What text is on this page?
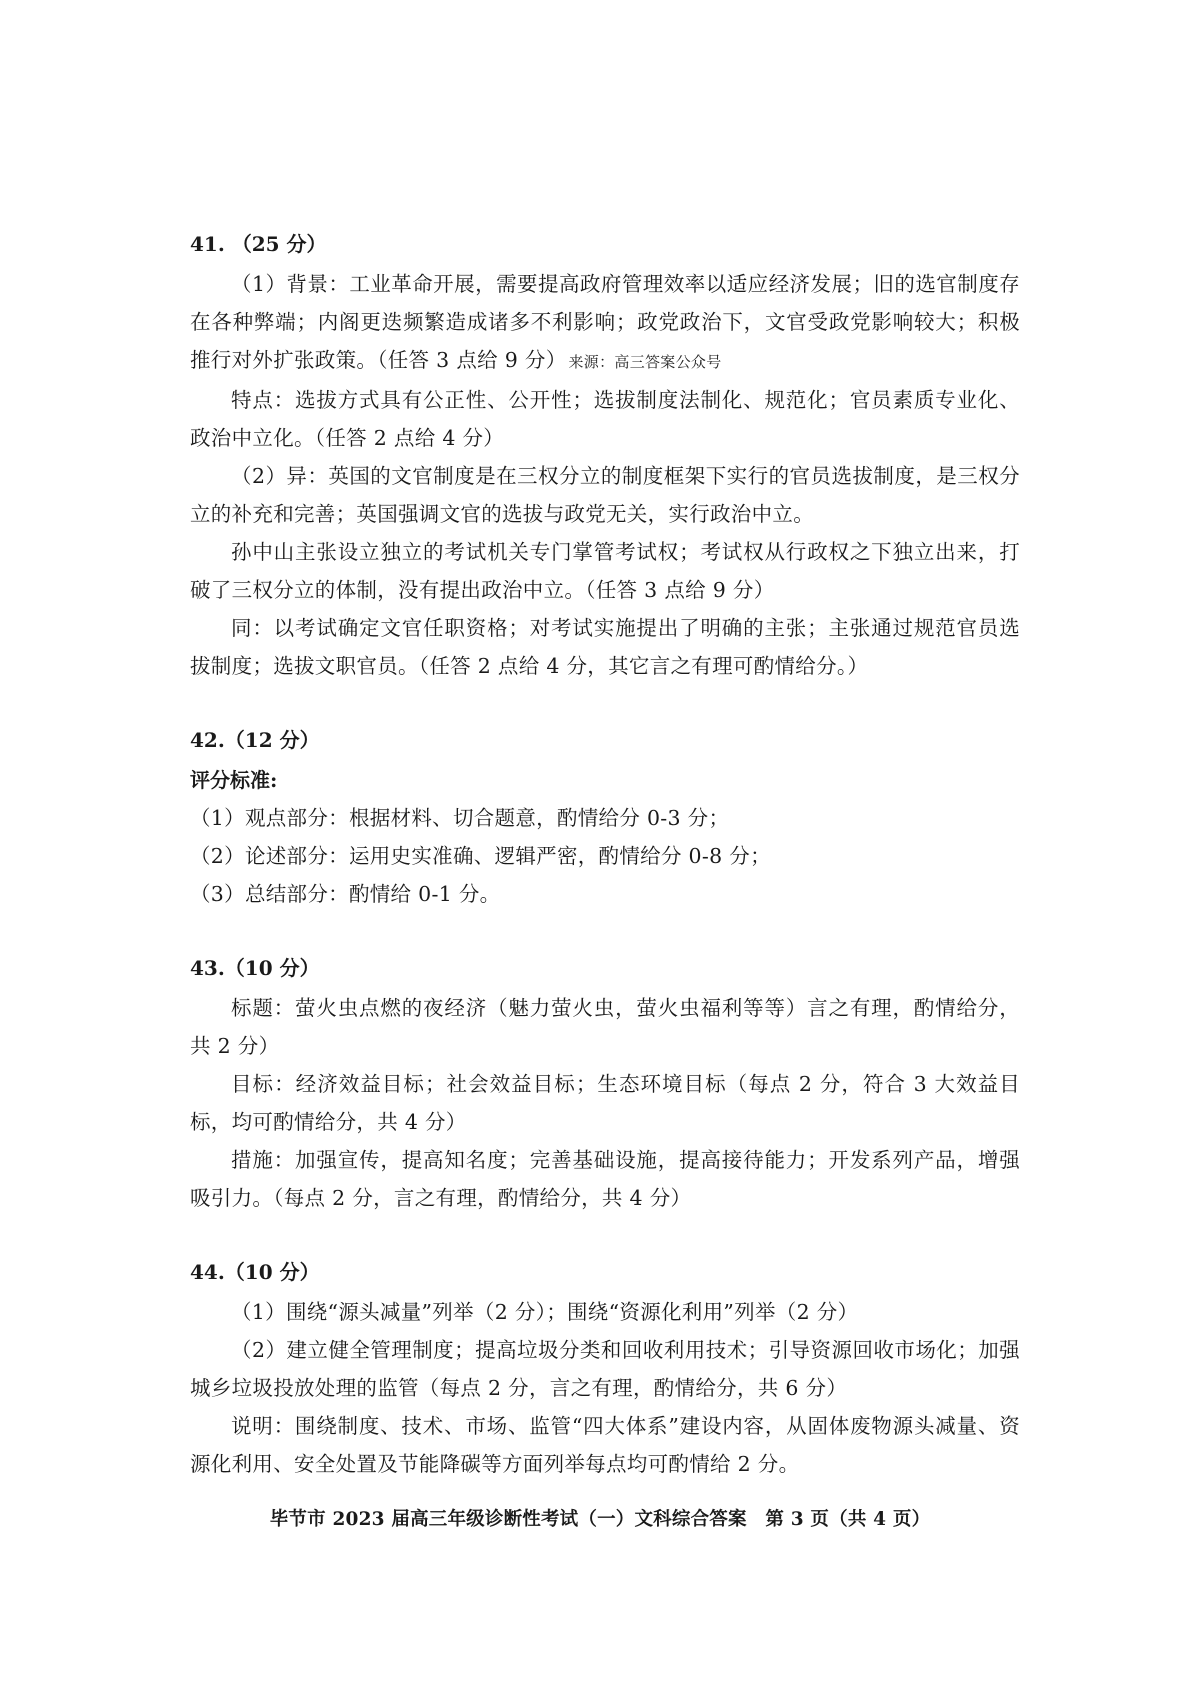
41. （25 分）
（1）背景：工业革命开展，需要提高政府管理效率以适应经济发展；旧的选官制度存在各种弊端；内阁更迭频繁造成诸多不利影响；政党政治下，文官受政党影响较大；积极推行对外扩张政策。（任答 3 点给 9 分） 来源：高三答案公众号
特点：选拔方式具有公正性、公开性；选拔制度法制化、规范化；官员素质专业化、政治中立化。（任答 2 点给 4 分）
（2）异：英国的文官制度是在三权分立的制度框架下实行的官员选拔制度，是三权分立的补充和完善；英国强调文官的选拔与政党无关，实行政治中立。
孙中山主张设立独立的考试机关专门掌管考试权；考试权从行政权之下独立出来，打破了三权分立的体制，没有提出政治中立。（任答 3 点给 9 分）
同：以考试确定文官任职资格；对考试实施提出了明确的主张；主张通过规范官员选拔制度；选拔文职官员。（任答 2 点给 4 分，其它言之有理可酌情给分。）
42.（12 分）
评分标准:
（1）观点部分：根据材料、切合题意，酌情给分 0-3 分；
（2）论述部分：运用史实准确、逻辑严密，酌情给分 0-8 分；
（3）总结部分：酌情给 0-1 分。
43.（10 分）
标题：萤火虫点燃的夜经济（魅力萤火虫，萤火虫福利等等）言之有理，酌情给分，共 2 分）
目标：经济效益目标；社会效益目标；生态环境目标（每点 2 分，符合 3 大效益目标，均可酌情给分，共 4 分）
措施：加强宣传，提高知名度；完善基础设施，提高接待能力；开发系列产品，增强吸引力。（每点 2 分，言之有理，酌情给分，共 4 分）
44.（10 分）
（1）围绕“源头减量”列举（2 分）；围绕“资源化利用”列举（2 分）
（2）建立健全管理制度；提高垃圾分类和回收利用技术；引导资源回收市场化；加强城乡垃圾投放处理的监管（每点 2 分，言之有理，酌情给分，共 6 分）
说明：围绕制度、技术、市场、监管“四大体系”建设内容，从固体废物源头减量、资源化利用、安全处置及节能降碳等方面列举每点均可酌情给 2 分。
毕节市 2023 届高三年级诊断性考试（一）文科综合答案　第 3 页（共 4 页）
